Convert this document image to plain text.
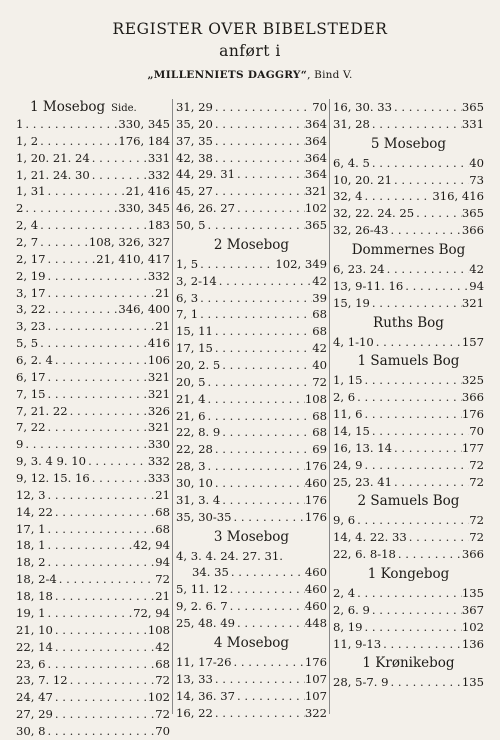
REGISTER OVER BIBELSTEDER
anført i
„MILLENNIETS DAGGRY“, Bind V.
1 Mosebog Side.
1 . . .	330, 345
1, 2 . . .	176, 184
1, 20. 21. 24 . . .	331
1, 21. 24. 30 . . .	332
1, 31 . . .	21, 416
2 . . .	330, 345
2, 4 . . .	183
2, 7 . . .	108, 326, 327
2, 17 . . .	21, 410, 417
2, 19 . . .	332
3, 17 . . .	21
3, 22 . . .	346, 400
3, 23 . . .	21
5, 5 . . .	416
6, 2. 4 . . .	106
6, 17 . . .	321
7, 15 . . .	321
7, 21. 22 . . .	326
7, 22 . . .	321
9 . . .	330
9, 3. 4 9. 10 . . .	332
9, 12. 15. 16 . . .	333
12, 3 . . .	21
14, 22 . . .	68
17, 1 . . .	68
18, 1 . . .	42, 94
18, 2 . . .	94
18, 2-4 . . .	72
18, 18 . . .	21
19, 1 . . .	72, 94
21, 10 . . .	108
22, 14 . . .	42
23, 6 . . .	68
23, 7. 12 . . .	72
24, 47 . . .	102
27, 29 . . .	72
30, 8 . . .	70
31, 29 . . .	70
35, 20 . . .	364
37, 35 . . .	364
42, 38 . . .	364
44, 29. 31 . . .	364
45, 27 . . .	321
46, 26. 27 . . .	102
50, 5 . . .	365
2 Mosebog
1, 5 . . .	102, 349
3, 2-14 . . .	42
6, 3 . . .	39
7, 1 . . .	68
15, 11 . . .	68
17, 15 . . .	42
20, 2. 5 . . .	40
20, 5 . . .	72
21, 4 . . .	108
21, 6 . . .	68
22, 8. 9 . . .	68
22, 28 . . .	69
28, 3 . . .	176
30, 10 . . .	460
31, 3. 4 . . .	176
35, 30-35 . . .	176
3 Mosebog
4, 3. 4. 24. 27. 31.
34. 35 . . .	460
5, 11. 12 . . .	460
9, 2. 6. 7 . . .	460
25, 48. 49 . . .	448
4 Mosebog
11, 17-26 . . .	176
13, 33 . . .	107
14, 36. 37 . . .	107
16, 22 . . .	322
16, 30. 33 . . .	365
31, 28 . . .	331
5 Mosebog
6, 4. 5 . . .	40
10, 20. 21 . . .	73
32, 4 . . .	316, 416
32, 22. 24. 25 . . .	365
32, 26-43 . . .	366
Dommernes Bog
6, 23. 24 . . .	42
13, 9-11. 16 . . .	94
15, 19 . . .	321
Ruths Bog
4, 1-10 . . .	157
1 Samuels Bog
1, 15 . . .	325
2, 6 . . .	366
11, 6 . . .	176
14, 15 . . .	70
16, 13. 14 . . .	177
24, 9 . . .	72
25, 23. 41 . . .	72
2 Samuels Bog
9, 6 . . .	72
14, 4. 22. 33 . . .	72
22, 6. 8-18 . . .	366
1 Kongebog
2, 4 . . .	135
2, 6. 9 . . .	367
8, 19 . . .	102
11, 9-13 . . .	136
1 Krønikebog
28, 5-7. 9 . . .	135
